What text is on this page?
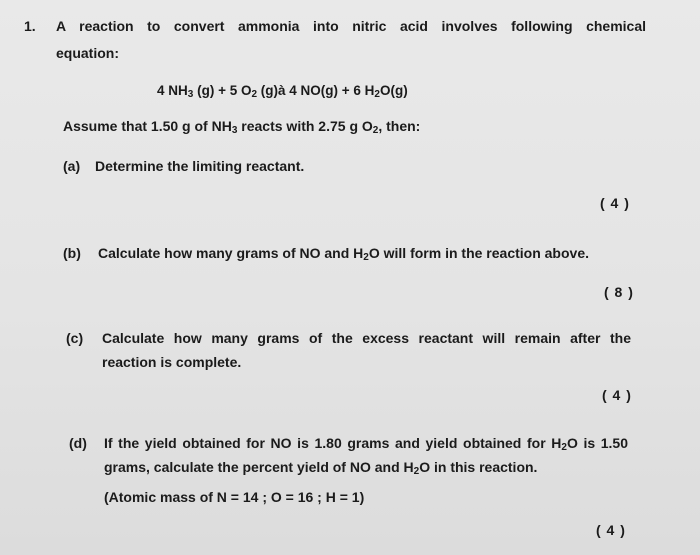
1. A reaction to convert ammonia into nitric acid involves following chemical
equation:
4 $NH_3$ (g) + 5 $O_2$ (g)à 4 NO(g) + 6 $H_2O(g)$
Assume that 1.50 g of $NH_3$ reacts with 2.75 g $O_2$, then:
(a) Determine the limiting reactant.
( 4 )
(b) Calculate how many grams of NO and $H_2O$ will form in the reaction above.
( 8 )
(c) Calculate how many grams of the excess reactant will remain after the
reaction is complete.
( 4 )
(d) If the yield obtained for NO is 1.80 grams and yield obtained for $H_2O$ is 1.50
grams, calculate the percent yield of NO and $H_2O$ in this reaction.
(Atomic mass of N = 14 ; O = 16 ; H = 1)
( 4 )
